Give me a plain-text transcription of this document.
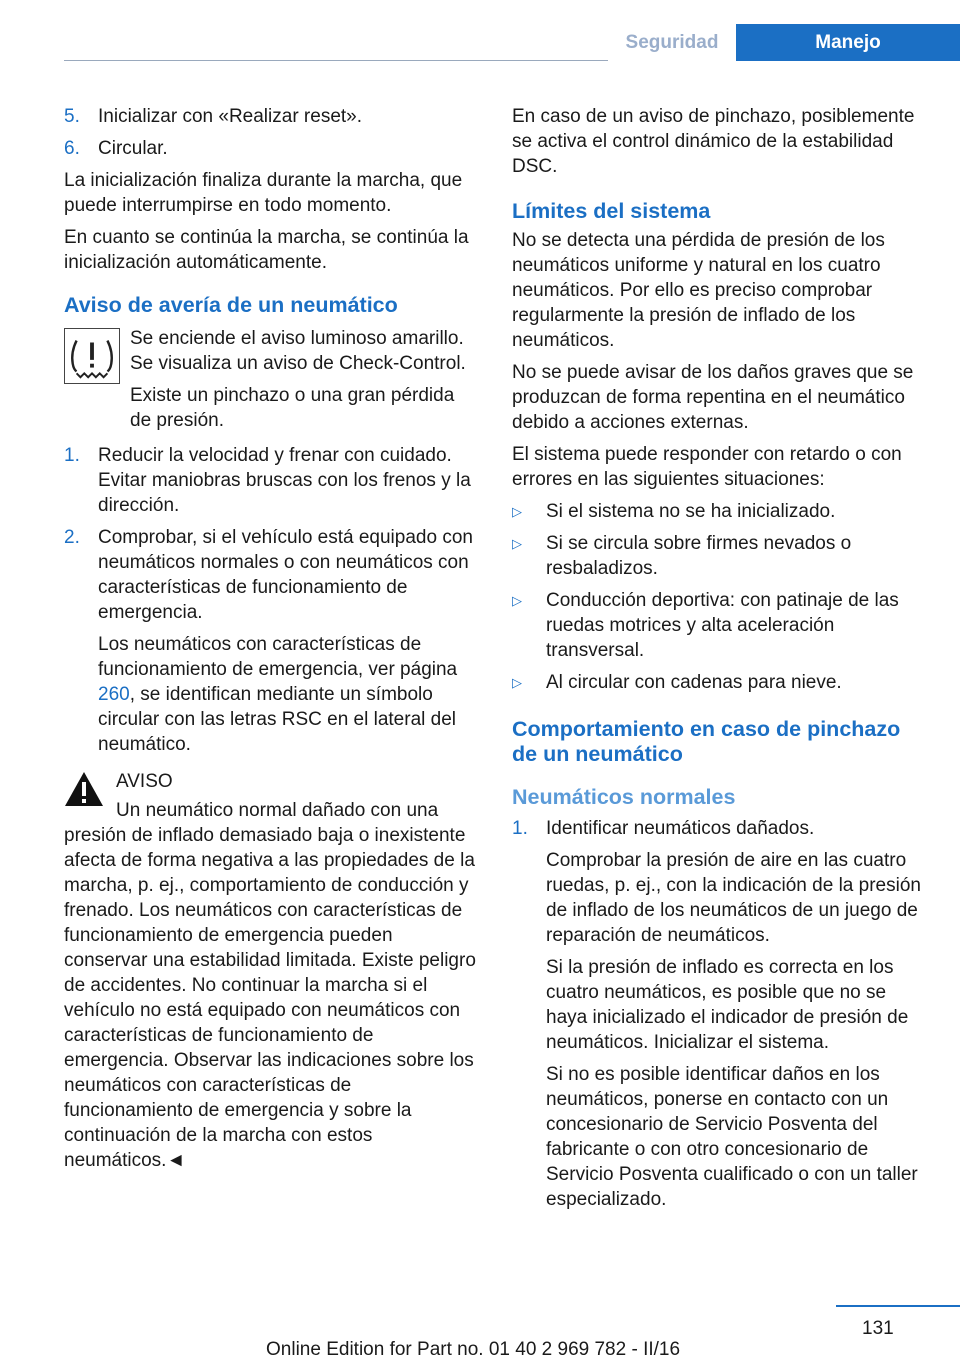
Seguridad	Manejo
5. Inicializar con «Realizar reset».
6. Circular.

La inicialización finaliza durante la marcha, que puede interrumpirse en todo momento.

En cuanto se continúa la marcha, se continúa la inicialización automáticamente.

Aviso de avería de un neumático

Se enciende el aviso luminoso amarillo. Se visualiza un aviso de Check-Control.

Existe un pinchazo o una gran pérdida de presión.

1. Reducir la velocidad y frenar con cuidado. Evitar maniobras bruscas con los frenos y la dirección.
2. Comprobar, si el vehículo está equipado con neumáticos normales o con neumáticos con características de funcionamiento de emergencia.

Los neumáticos con características de funcionamiento de emergencia, ver página 260, se identifican mediante un símbolo circular con las letras RSC en el lateral del neumático.

AVISO

Un neumático normal dañado con una presión de inflado demasiado baja o inexistente afecta de forma negativa a las propiedades de la marcha, p. ej., comportamiento de conducción y frenado. Los neumáticos con características de funcionamiento de emergencia pueden conservar una estabilidad limitada. Existe peligro de accidentes. No continuar la marcha si el vehículo no está equipado con neumáticos con características de funcionamiento de emergencia. Observar las indicaciones sobre los neumáticos con características de funcionamiento de emergencia y sobre la continuación de la marcha con estos neumáticos.◄

En caso de un aviso de pinchazo, posiblemente se activa el control dinámico de la estabilidad DSC.

Límites del sistema

No se detecta una pérdida de presión de los neumáticos uniforme y natural en los cuatro neumáticos. Por ello es preciso comprobar regularmente la presión de inflado de los neumáticos.

No se puede avisar de los daños graves que se produzcan de forma repentina en el neumático debido a acciones externas.

El sistema puede responder con retardo o con errores en las siguientes situaciones:

▷ Si el sistema no se ha inicializado.
▷ Si se circula sobre firmes nevados o resbaladizos.
▷ Conducción deportiva: con patinaje de las ruedas motrices y alta aceleración transversal.
▷ Al circular con cadenas para nieve.
Comportamiento en caso de pinchazo de un neumático
Neumáticos normales
1. Identificar neumáticos dañados.

Comprobar la presión de aire en las cuatro ruedas, p. ej., con la indicación de la presión de inflado de los neumáticos de un juego de reparación de neumáticos.

Si la presión de inflado es correcta en los cuatro neumáticos, es posible que no se haya inicializado el indicador de presión de neumáticos. Inicializar el sistema.

Si no es posible identificar daños en los neumáticos, ponerse en contacto con un concesionario de Servicio Posventa del fabricante o con otro concesionario de Servicio Posventa cualificado o con un taller especializado.

131
Online Edition for Part no. 01 40 2 969 782 - II/16
